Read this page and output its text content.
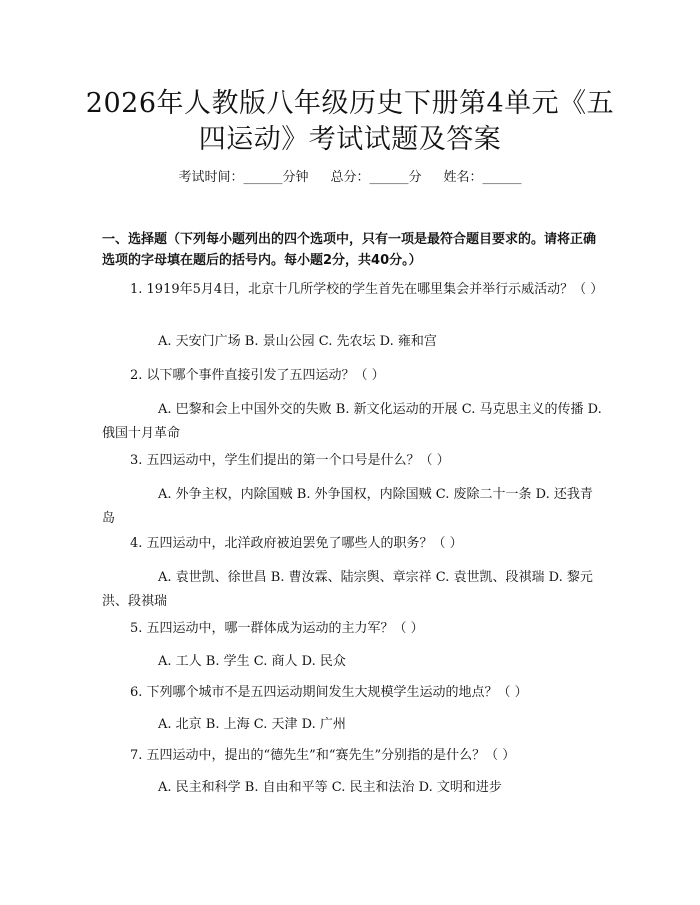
2026年人教版八年级历史下册第4单元《五
四运动》考试试题及答案
考试时间：______分钟 总分：______分 姓名：______
一、选择题（下列每小题列出的四个选项中，只有一项是最符合题目要求的。请将正确选项的字母填在题后的括号内。每小题2分，共40分。）
1. 1919年5月4日，北京十几所学校的学生首先在哪里集会并举行示威活动？（ ）
A. 天安门广场 B. 景山公园 C. 先农坛 D. 雍和宫
2. 以下哪个事件直接引发了五四运动？（ ）
A. 巴黎和会上中国外交的失败 B. 新文化运动的开展 C. 马克思主义的传播 D. 俄国十月革命
3. 五四运动中，学生们提出的第一个口号是什么？（ ）
A. 外争主权，内除国贼 B. 外争国权，内除国贼 C. 废除二十一条 D. 还我青岛
4. 五四运动中，北洋政府被迫罢免了哪些人的职务？（ ）
A. 袁世凯、徐世昌 B. 曹汝霖、陆宗舆、章宗祥 C. 袁世凯、段祺瑞 D. 黎元洪、段祺瑞
5. 五四运动中，哪一群体成为运动的主力军？（ ）
A. 工人 B. 学生 C. 商人 D. 民众
6. 下列哪个城市不是五四运动期间发生大规模学生运动的地点？（ ）
A. 北京 B. 上海 C. 天津 D. 广州
7. 五四运动中，提出的“德先生”和“赛先生”分别指的是什么？（ ）
A. 民主和科学 B. 自由和平等 C. 民主和法治 D. 文明和进步
